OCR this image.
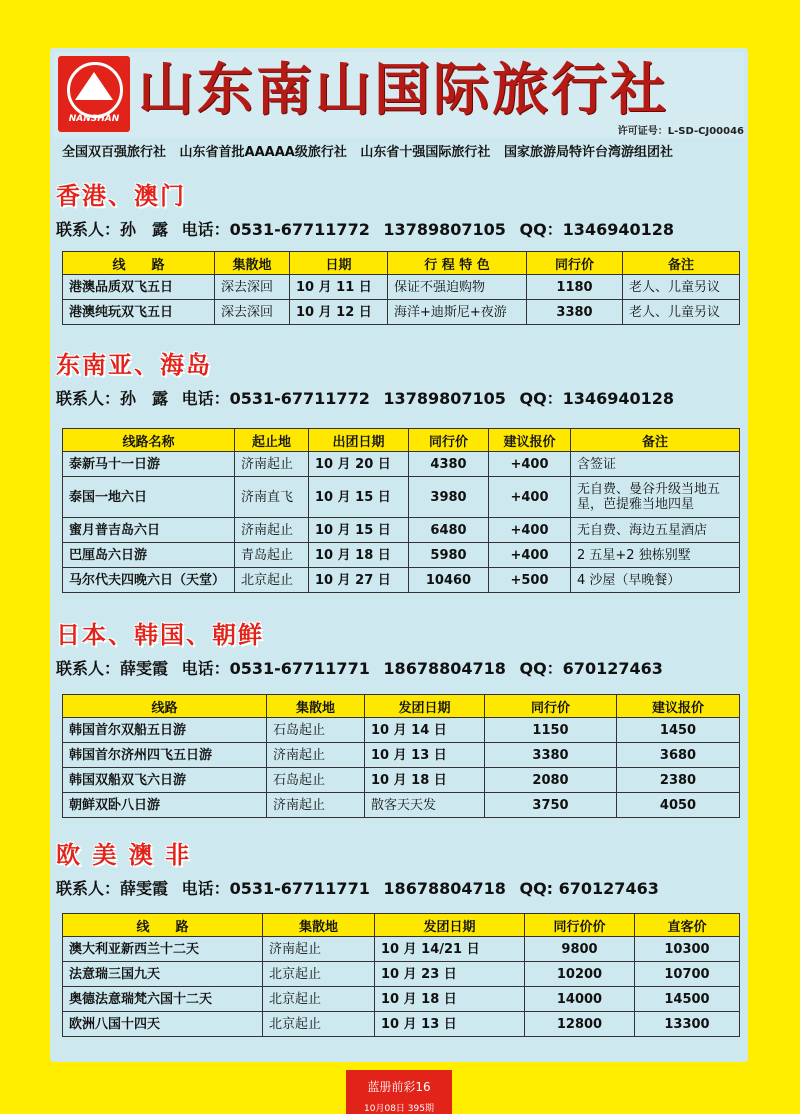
NANSHAN 山东南山国际旅行社
许可证号：L-SD-CJ00046
全国双百强旅行社 山东省首批AAAAA级旅行社 山东省十强国际旅行社 国家旅游局特许台湾游组团社
香港、澳门
联系人：孙　露 电话：0531-67711772 13789807105 QQ：1346940128
线　　路	集散地	日期	行 程 特 色	同行价	备注
港澳品质双飞五日	深去深回	10 月 11 日	保证不强迫购物	1180	老人、儿童另议
港澳纯玩双飞五日	深去深回	10 月 12 日	海洋+迪斯尼+夜游	3380	老人、儿童另议
东南亚、海岛
联系人：孙　露 电话：0531-67711772 13789807105 QQ：1346940128
线路名称	起止地	出团日期	同行价	建议报价	备注
泰新马十一日游	济南起止	10 月 20 日	4380	+400	含签证
泰国一地六日	济南直飞	10 月 15 日	3980	+400	无自费、曼谷升级当地五星，芭提雅当地四星
蜜月普吉岛六日	济南起止	10 月 15 日	6480	+400	无自费、海边五星酒店
巴厘岛六日游	青岛起止	10 月 18 日	5980	+400	2 五星+2 独栋别墅
马尔代夫四晚六日（天堂）	北京起止	10 月 27 日	10460	+500	4 沙屋（早晚餐）
日本、韩国、朝鲜
联系人：薛雯霞 电话：0531-67711771 18678804718 QQ：670127463
线路	集散地	发团日期	同行价	建议报价
韩国首尔双船五日游	石岛起止	10 月 14 日	1150	1450
韩国首尔济州四飞五日游	济南起止	10 月 13 日	3380	3680
韩国双船双飞六日游	石岛起止	10 月 18 日	2080	2380
朝鲜双卧八日游	济南起止	散客天天发	3750	4050
欧 美 澳 非
联系人：薛雯霞 电话：0531-67711771 18678804718 QQ: 670127463
线　　路	集散地	发团日期	同行价价	直客价
澳大利亚新西兰十二天	济南起止	10 月 14/21 日	9800	10300
法意瑞三国九天	北京起止	10 月 23 日	10200	10700
奥德法意瑞梵六国十二天	北京起止	10 月 18 日	14000	14500
欧洲八国十四天	北京起止	10 月 13 日	12800	13300
蓝册前彩16
10月08日 395期
